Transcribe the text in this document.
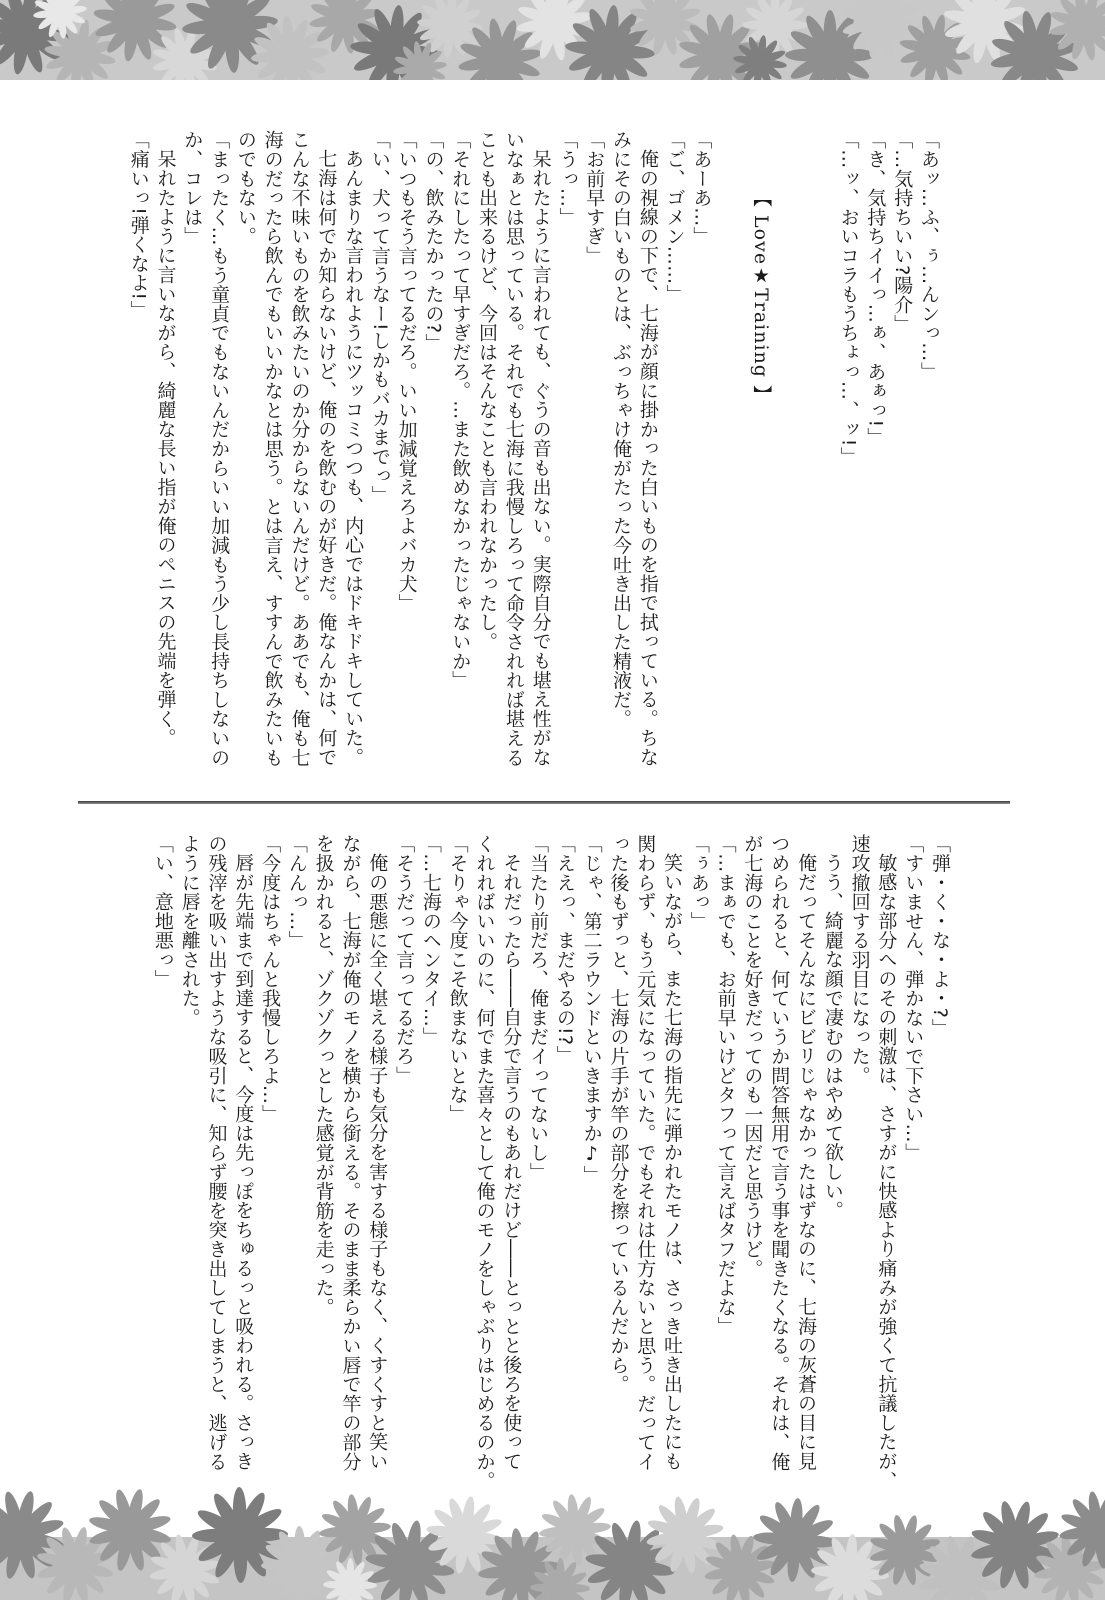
「あッ…ふ、ぅ…んンっ…」

「…気持ちいい?陽介」

「き、気持ちイイっ…ぁ、あぁっ!」

「…ッ、おいコラもうちょっ…、ッ!」

【 Love★Training 】

「あーあ…」

「ご、ゴメン……」

俺の視線の下で、七海が顔に掛かった白いものを指で拭っている。ちな

みにその白いものとは、ぶっちゃけ俺がたった今吐き出した精液だ。

「お前早すぎ」

「うっ…」

呆れたように言われても、ぐうの音も出ない。実際自分でも堪え性がな

いなぁとは思っている。それでも七海に我慢しろって命令されれば堪える

ことも出来るけど、今回はそんなことも言われなかったし。

「それにしたって早すぎだろ。…また飲めなかったじゃないか」

「の、飲みたかったの?」

「いつもそう言ってるだろ。いい加減覚えろよバカ犬」

「い、犬って言うなー!しかもバカまでっ」

あんまりな言われようにツッコミつつも、内心ではドキドキしていた。

七海は何でか知らないけど、俺のを飲むのが好きだ。俺なんかは、何で

こんな不味いものを飲みたいのか分からないんだけど。ああでも、俺も七

海のだったら飲んでもいいかなとは思う。とは言え、すすんで飲みたいも

のでもない。

「まったく…もう童貞でもないんだからいい加減もう少し長持ちしないの

か、コレは」

呆れたように言いながら、綺麗な長い指が俺のペニスの先端を弾く。

「痛いっ!弾くなよ!」

「弾・く・な・よ・?」

「すいません、弾かないで下さい…」

敏感な部分へのその刺激は、さすがに快感より痛みが強くて抗議したが、

速攻撤回する羽目になった。

うう、綺麗な顔で凄むのはやめて欲しい。

俺だってそんなにビビリじゃなかったはずなのに、七海の灰蒼の目に見

つめられると、何ていうか問答無用で言う事を聞きたくなる。それは、俺

が七海のことを好きだってのも一因だと思うけど。

「…まぁでも、お前早いけどタフって言えばタフだよな」

「ぅあっ」

笑いながら、また七海の指先に弾かれたモノは、さっき吐き出したにも

関わらず、もう元気になっていた。でもそれは仕方ないと思う。だってイ

った後もずっと、七海の片手が竿の部分を擦っているんだから。

「じゃ、第二ラウンドといきますか♪」

「ええっ、まだやるの!?」

「当たり前だろ、俺まだイってないし」

それだったら――自分で言うのもあれだけど――とっとと後ろを使って

くれればいいのに、何でまた喜々として俺のモノをしゃぶりはじめるのか。

「そりゃ今度こそ飲まないとな」

「…七海のヘンタイ…」

「そうだって言ってるだろ」

俺の悪態に全く堪える様子も気分を害する様子もなく、くすくすと笑い

ながら、七海が俺のモノを横から銜える。そのまま柔らかい唇で竿の部分

を扱かれると、ゾクゾクっとした感覚が背筋を走った。

「んんっ…」

「今度はちゃんと我慢しろよ…」

唇が先端まで到達すると、今度は先っぽをちゅるっと吸われる。さっき

の残滓を吸い出すような吸引に、知らず腰を突き出してしまうと、逃げる

ように唇を離された。

「い、意地悪っ」
